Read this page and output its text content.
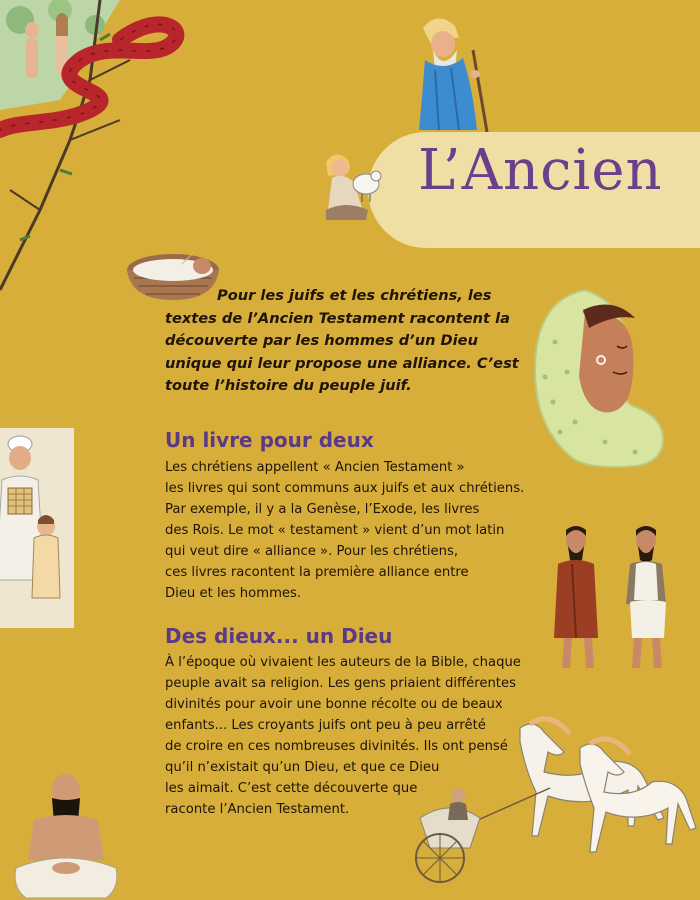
L’Ancien

Pour les juifs et les chrétiens, les textes de l’Ancien Testament racontent la découverte par les hommes d’un Dieu unique qui leur propose une alliance. C’est toute l’histoire du peuple juif.

Un livre pour deux
Les chrétiens appellent « Ancien Testament »
les livres qui sont communs aux juifs et aux chrétiens.
Par exemple, il y a la Genèse, l’Exode, les livres
des Rois. Le mot « testament » vient d’un mot latin
qui veut dire « alliance ». Pour les chrétiens,
ces livres racontent la première alliance entre
Dieu et les hommes.
Des dieux... un Dieu
À l’époque où vivaient les auteurs de la Bible, chaque
peuple avait sa religion. Les gens priaient différentes
divinités pour avoir une bonne récolte ou de beaux
enfants... Les croyants juifs ont peu à peu arrêté
de croire en ces nombreuses divinités. Ils ont pensé
qu’il n’existait qu’un Dieu, et que ce Dieu
les aimait. C’est cette découverte que
raconte l’Ancien Testament.
